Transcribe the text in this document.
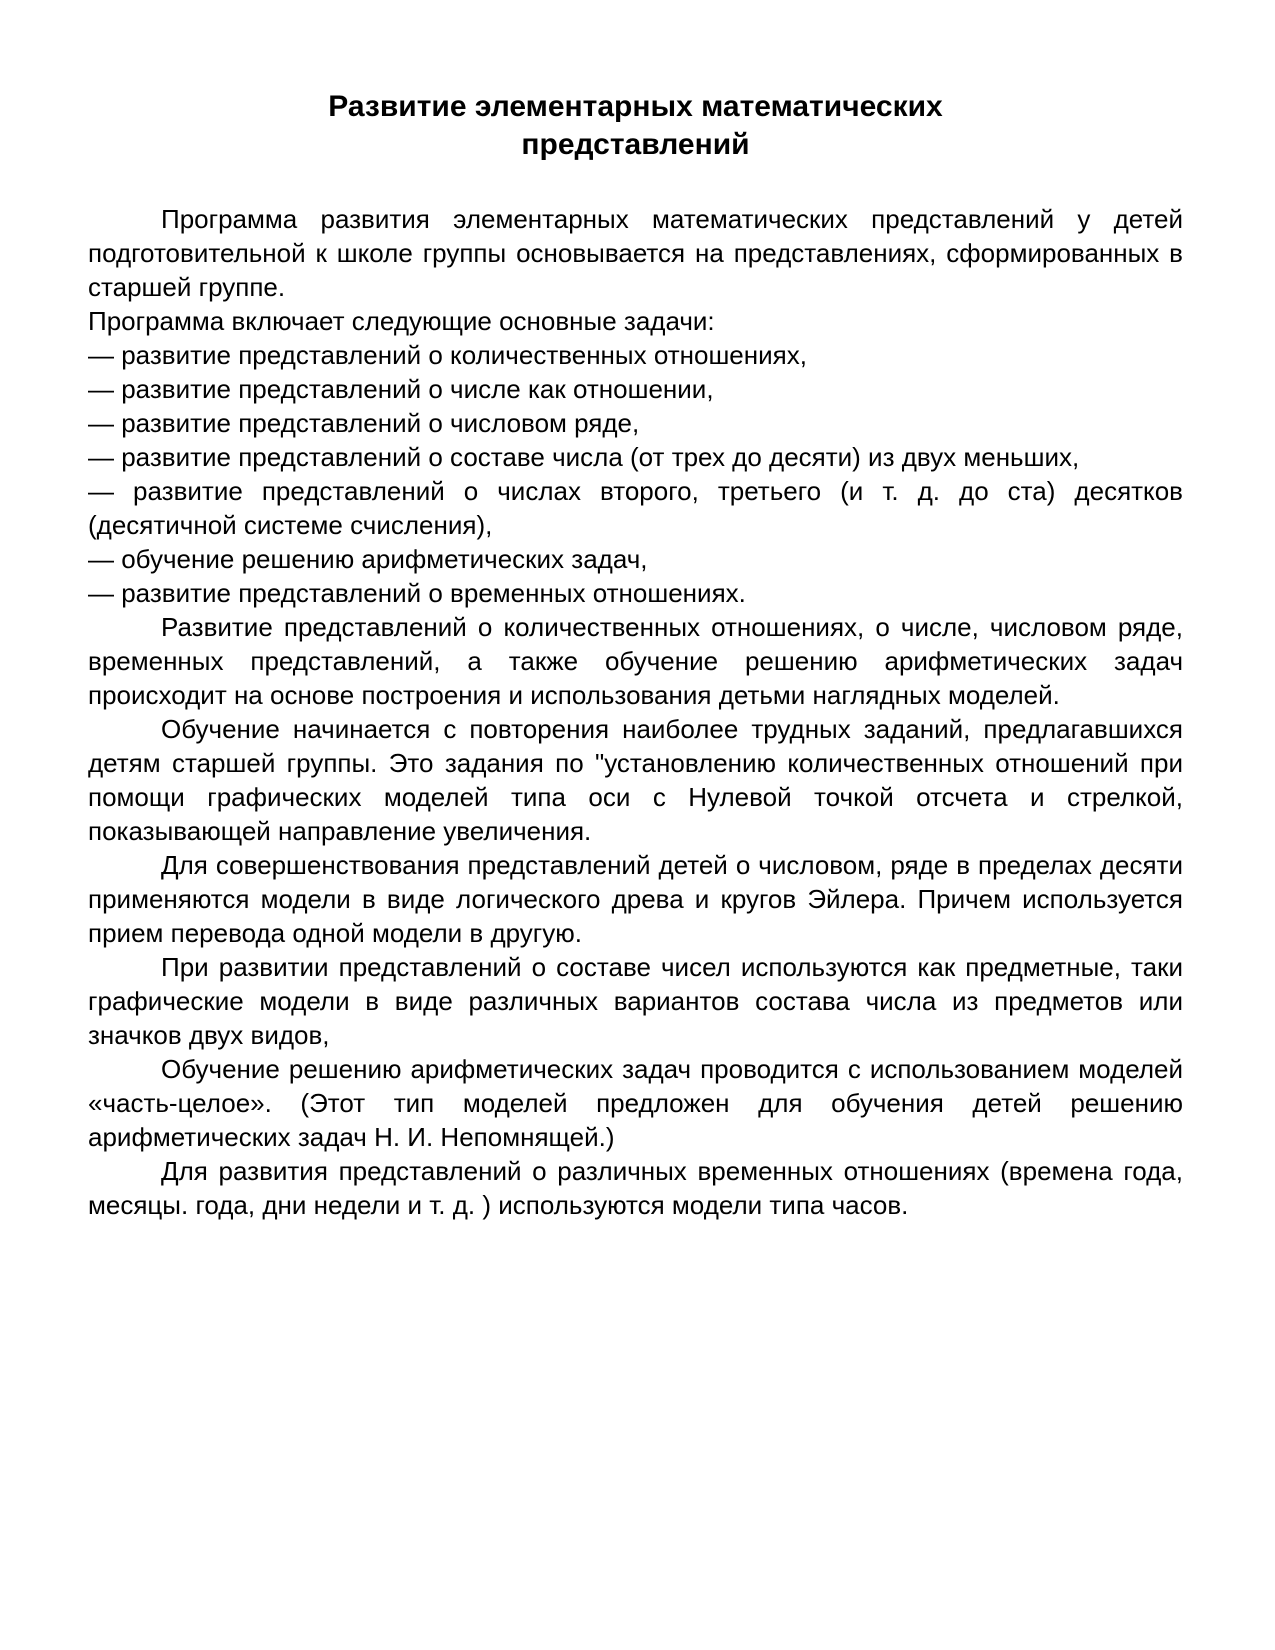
Развитие элементарных математических
представлений

Программа развития элементарных математических представлений у детей подготовительной к школе группы основывается на представлениях, сформированных в старшей группе.

Программа включает следующие основные задачи:

— развитие представлений о количественных отношениях,

— развитие представлений о числе как отношении,

— развитие представлений о числовом ряде,

— развитие представлений о составе числа (от трех до десяти) из двух меньших,

— развитие представлений о числах второго, третьего (и т. д. до ста) десятков (десятичной системе счисления),

— обучение решению арифметических задач,

— развитие представлений о временных отношениях.

Развитие представлений о количественных отношениях, о числе, числовом ряде, временных представлений, а также обучение решению арифметических задач происходит на основе построения и использования детьми наглядных моделей.

Обучение начинается с повторения наиболее трудных заданий, предлагавшихся детям старшей группы. Это задания по "установлению количественных отношений при помощи графических моделей типа оси с Нулевой точкой отсчета и стрелкой, показывающей направление увеличения.

Для совершенствования представлений детей о числовом, ряде в пределах десяти применяются модели в виде логического древа и кругов Эйлера. Причем используется прием перевода одной модели в другую.

При развитии представлений о составе чисел используются как предметные, таки графические модели в виде различных вариантов состава числа из предметов или значков двух видов,

Обучение решению арифметических задач проводится с использованием моделей «часть-целое». (Этот тип моделей предложен для обучения детей решению арифметических задач Н. И. Непомнящей.)

Для развития представлений о различных временных отношениях (времена года, месяцы. года, дни недели и т. д. ) используются модели типа часов.
